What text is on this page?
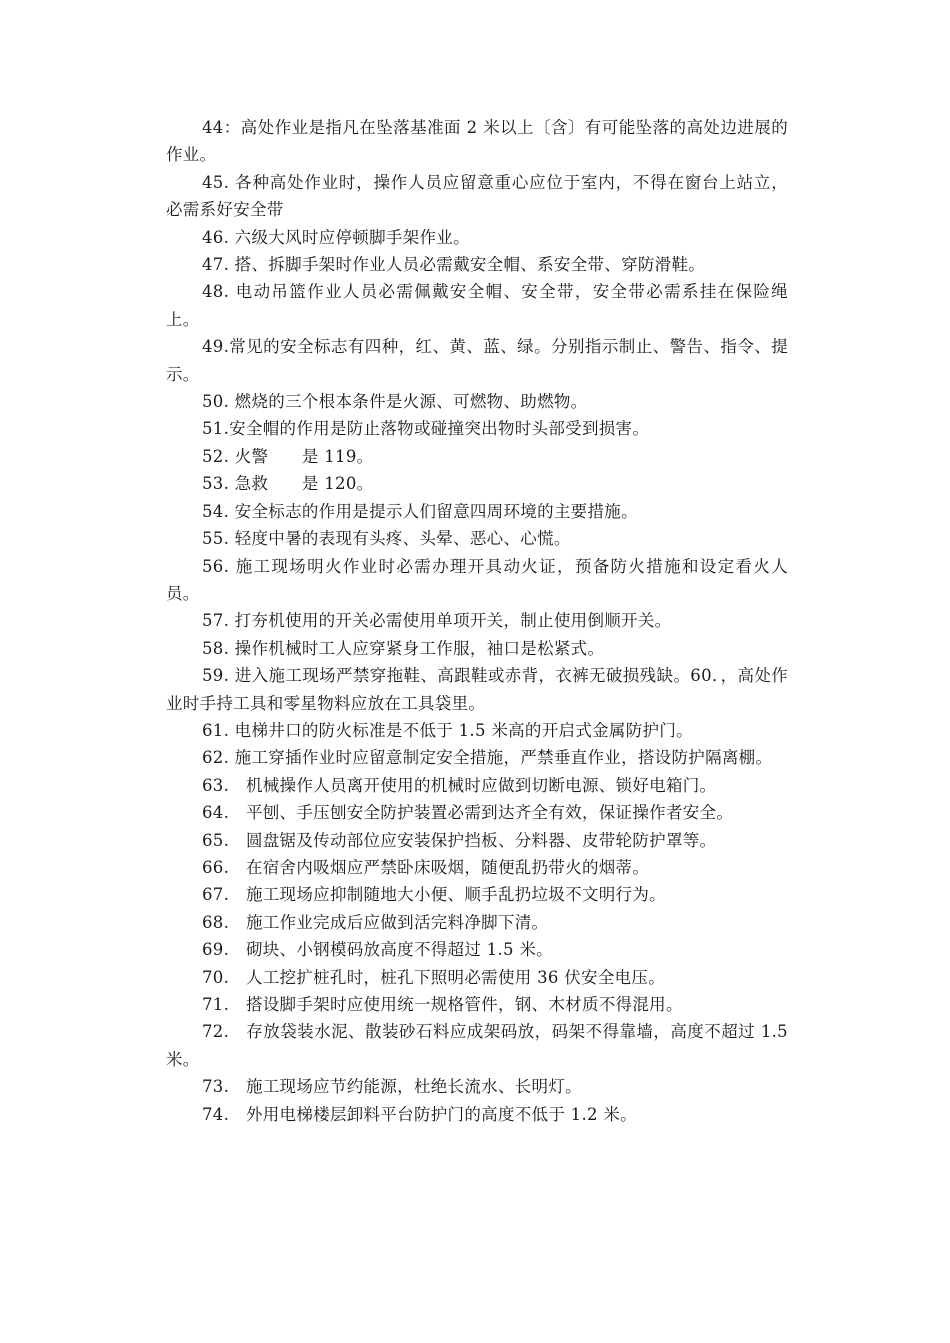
44：高处作业是指凡在坠落基准面 2 米以上〔含〕有可能坠落的高处边进展的作业。

45. 各种高处作业时，操作人员应留意重心应位于室内，不得在窗台上站立，必需系好安全带

46. 六级大风时应停顿脚手架作业。

47. 搭、拆脚手架时作业人员必需戴安全帽、系安全带、穿防滑鞋。

48. 电动吊篮作业人员必需佩戴安全帽、安全带，安全带必需系挂在保险绳上。

49.常见的安全标志有四种，红、黄、蓝、绿。分别指示制止、警告、指令、提示。

50. 燃烧的三个根本条件是火源、可燃物、助燃物。

51.安全帽的作用是防止落物或碰撞突出物时头部受到损害。

52. 火警　　是 119。

53. 急救　　是 120。

54. 安全标志的作用是提示人们留意四周环境的主要措施。

55. 轻度中暑的表现有头疼、头晕、恶心、心慌。

56. 施工现场明火作业时必需办理开具动火证，预备防火措施和设定看火人员。

57. 打夯机使用的开关必需使用单项开关，制止使用倒顺开关。

58. 操作机械时工人应穿紧身工作服，袖口是松紧式。

59. 进入施工现场严禁穿拖鞋、高跟鞋或赤背，衣裤无破损残缺。60．，高处作业时手持工具和零星物料应放在工具袋里。

61. 电梯井口的防火标准是不低于 1.5 米高的开启式金属防护门。

62. 施工穿插作业时应留意制定安全措施，严禁垂直作业，搭设防护隔离棚。

63.　机械操作人员离开使用的机械时应做到切断电源、锁好电箱门。

64.　平刨、手压刨安全防护装置必需到达齐全有效，保证操作者安全。

65.　圆盘锯及传动部位应安装保护挡板、分料器、皮带轮防护罩等。

66.　在宿舍内吸烟应严禁卧床吸烟，随便乱扔带火的烟蒂。

67.　施工现场应抑制随地大小便、顺手乱扔垃圾不文明行为。

68.　施工作业完成后应做到活完料净脚下清。

69.　砌块、小钢模码放高度不得超过 1.5 米。

70.　人工挖扩桩孔时，桩孔下照明必需使用 36 伏安全电压。

71.　搭设脚手架时应使用统一规格管件，钢、木材质不得混用。

72.　存放袋装水泥、散装砂石料应成架码放，码架不得靠墙，高度不超过 1.5 米。

73.　施工现场应节约能源，杜绝长流水、长明灯。

74.　外用电梯楼层卸料平台防护门的高度不低于 1.2 米。
